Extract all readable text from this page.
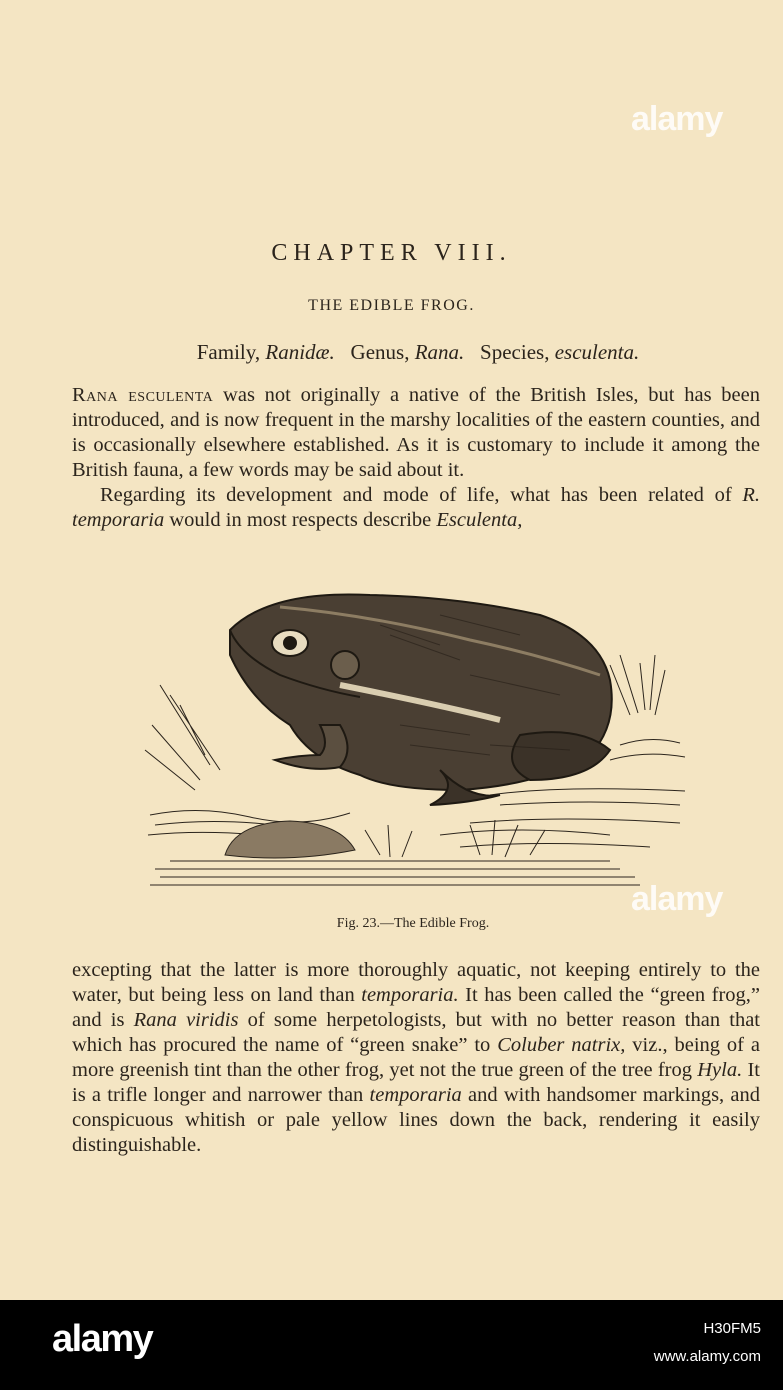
CHAPTER VIII.
THE EDIBLE FROG.
Family, Ranidæ. Genus, Rana. Species, esculenta.

Rana esculenta was not originally a native of the British Isles, but has been introduced, and is now frequent in the marshy localities of the eastern counties, and is occasionally elsewhere established. As it is customary to include it among the British fauna, a few words may be said about it.

Regarding its development and mode of life, what has been related of R. temporaria would in most respects describe Esculenta,

Fig. 23.—The Edible Frog.

excepting that the latter is more thoroughly aquatic, not keeping entirely to the water, but being less on land than temporaria. It has been called the “green frog,” and is Rana viridis of some herpetologists, but with no better reason than that which has procured the name of “green snake” to Coluber natrix, viz., being of a more greenish tint than the other frog, yet not the true green of the tree frog Hyla. It is a trifle longer and narrower than temporaria and with handsomer markings, and conspicuous whitish or pale yellow lines down the back, rendering it easily distinguishable.

alamy
alamy
alamy	H30FM5
www.alamy.com
